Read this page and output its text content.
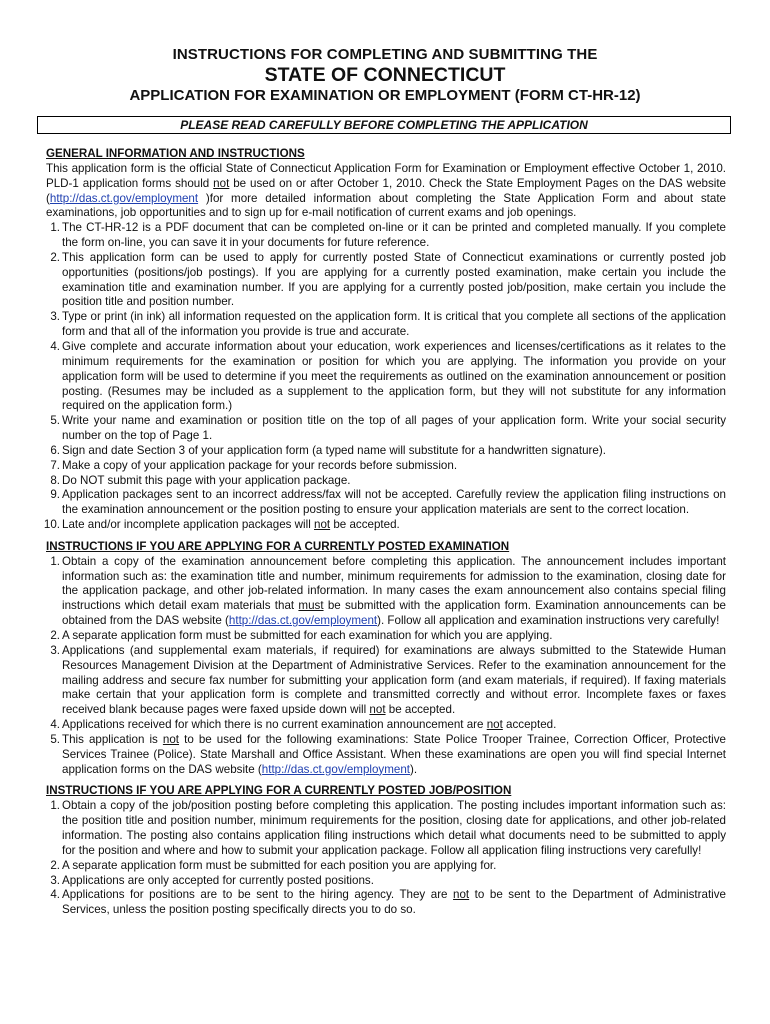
INSTRUCTIONS FOR COMPLETING AND SUBMITTING THE
STATE OF CONNECTICUT
APPLICATION FOR EXAMINATION OR EMPLOYMENT (FORM CT-HR-12)
PLEASE READ CAREFULLY BEFORE COMPLETING THE APPLICATION
GENERAL INFORMATION AND INSTRUCTIONS
This application form is the official State of Connecticut Application Form for Examination or Employment effective October 1, 2010. PLD-1 application forms should not be used on or after October 1, 2010. Check the State Employment Pages on the DAS website (http://das.ct.gov/employment )for more detailed information about completing the State Application Form and about state examinations, job opportunities and to sign up for e-mail notification of current exams and job openings.
1. The CT-HR-12 is a PDF document that can be completed on-line or it can be printed and completed manually. If you complete the form on-line, you can save it in your documents for future reference.
2. This application form can be used to apply for currently posted State of Connecticut examinations or currently posted job opportunities (positions/job postings). If you are applying for a currently posted examination, make certain you include the examination title and examination number. If you are applying for a currently posted job/position, make certain you include the position title and position number.
3. Type or print (in ink) all information requested on the application form. It is critical that you complete all sections of the application form and that all of the information you provide is true and accurate.
4. Give complete and accurate information about your education, work experiences and licenses/certifications as it relates to the minimum requirements for the examination or position for which you are applying. The information you provide on your application form will be used to determine if you meet the requirements as outlined on the examination announcement or position posting. (Resumes may be included as a supplement to the application form, but they will not substitute for any information required on the application form.)
5. Write your name and examination or position title on the top of all pages of your application form. Write your social security number on the top of Page 1.
6. Sign and date Section 3 of your application form (a typed name will substitute for a handwritten signature).
7. Make a copy of your application package for your records before submission.
8. Do NOT submit this page with your application package.
9. Application packages sent to an incorrect address/fax will not be accepted. Carefully review the application filing instructions on the examination announcement or the position posting to ensure your application materials are sent to the correct location.
10. Late and/or incomplete application packages will not be accepted.
INSTRUCTIONS IF YOU ARE APPLYING FOR A CURRENTLY POSTED EXAMINATION
1. Obtain a copy of the examination announcement before completing this application. The announcement includes important information such as: the examination title and number, minimum requirements for admission to the examination, closing date for the application package, and other job-related information. In many cases the exam announcement also contains special filing instructions which detail exam materials that must be submitted with the application form. Examination announcements can be obtained from the DAS website (http://das.ct.gov/employment). Follow all application and examination instructions very carefully!
2. A separate application form must be submitted for each examination for which you are applying.
3. Applications (and supplemental exam materials, if required) for examinations are always submitted to the Statewide Human Resources Management Division at the Department of Administrative Services. Refer to the examination announcement for the mailing address and secure fax number for submitting your application form (and exam materials, if required). If faxing materials make certain that your application form is complete and transmitted correctly and without error. Incomplete faxes or faxes received blank because pages were faxed upside down will not be accepted.
4. Applications received for which there is no current examination announcement are not accepted.
5. This application is not to be used for the following examinations: State Police Trooper Trainee, Correction Officer, Protective Services Trainee (Police). State Marshall and Office Assistant. When these examinations are open you will find special Internet application forms on the DAS website (http://das.ct.gov/employment).
INSTRUCTIONS IF YOU ARE APPLYING FOR A CURRENTLY POSTED JOB/POSITION
1. Obtain a copy of the job/position posting before completing this application. The posting includes important information such as: the position title and position number, minimum requirements for the position, closing date for applications, and other job-related information. The posting also contains application filing instructions which detail what documents need to be submitted to apply for the position and where and how to submit your application package. Follow all application filing instructions very carefully!
2. A separate application form must be submitted for each position you are applying for.
3. Applications are only accepted for currently posted positions.
4. Applications for positions are to be sent to the hiring agency. They are not to be sent to the Department of Administrative Services, unless the position posting specifically directs you to do so.
